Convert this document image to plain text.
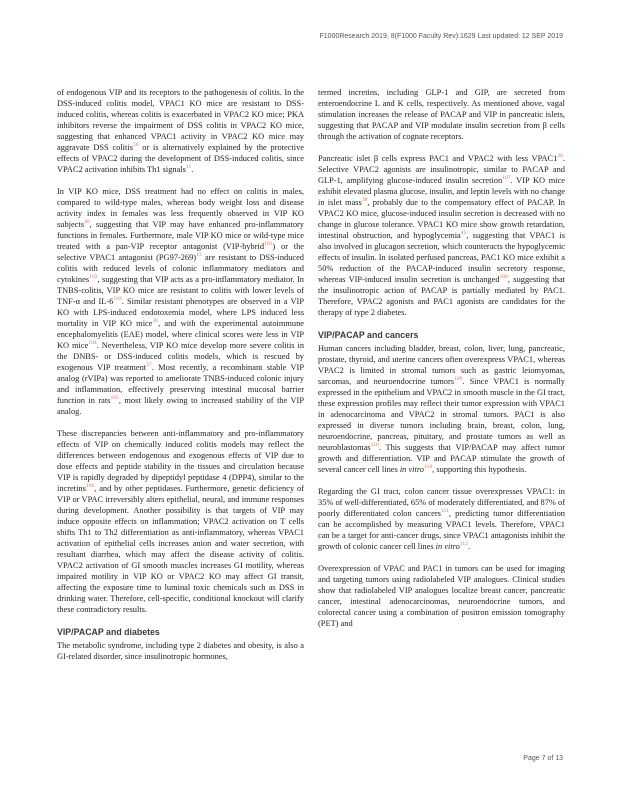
F1000Research 2019, 8(F1000 Faculty Rev):1629 Last updated: 12 SEP 2019

of endogenous VIP and its receptors to the pathogenesis of colitis. In the DSS-induced colitis model, VPAC1 KO mice are resistant to DSS-induced colitis, whereas colitis is exacerbated in VPAC2 KO mice; PKA inhibitors reverse the impairment of DSS colitis in VPAC2 KO mice, suggesting that enhanced VPAC1 activity in VPAC2 KO mice may aggravate DSS colitis$^{56}$ or is alternatively explained by the protective effects of VPAC2 during the development of DSS-induced colitis, since VPAC2 activation inhibits Th1 signals$^{11}$.

In VIP KO mice, DSS treatment had no effect on colitis in males, compared to wild-type males, whereas body weight loss and disease activity index in females was less frequently observed in VIP KO subjects$^{40}$, suggesting that VIP may have enhanced pro-inflammatory functions in females. Furthermore, male VIP KO mice or wild-type mice treated with a pan-VIP receptor antagonist (VIP-hybrid$^{101}$) or the selective VPAC1 antagonist (PG97-269)$^{13}$ are resistant to DSS-induced colitis with reduced levels of colonic inflammatory mediators and cytokines$^{102}$, suggesting that VIP acts as a pro-inflammatory mediator. In TNBS-colitis, VIP KO mice are resistant to colitis with lower levels of TNF-α and IL-6$^{103}$. Similar resistant phenotypes are observed in a VIP KO with LPS-induced endotoxemia model, where LPS induced less mortality in VIP KO mice$^{36}$, and with the experimental autoimmune encephalomyelitis (EAE) model, where clinical scores were less in VIP KO mice$^{104}$. Nevertheless, VIP KO mice develop more severe colitis in the DNBS- or DSS-induced colitis models, which is rescued by exogenous VIP treatment$^{37}$. Most recently, a recombinant stable VIP analog (rVIPa) was reported to ameliorate TNBS-induced colonic injury and inflammation, effectively preserving intestinal mucosal barrier function in rats$^{105}$, most likely owing to increased stability of the VIP analog.

These discrepancies between anti-inflammatory and pro-inflammatory effects of VIP on chemically induced colitis models may reflect the differences between endogenous and exogenous effects of VIP due to dose effects and peptide stability in the tissues and circulation because VIP is rapidly degraded by dipeptidyl peptidase 4 (DPP4), similar to the incretins$^{106}$, and by other peptidases. Furthermore, genetic deficiency of VIP or VPAC irreversibly alters epithelial, neural, and immune responses during development. Another possibility is that targets of VIP may induce opposite effects on inflammation; VPAC2 activation on T cells shifts Th1 to Th2 differentiation as anti-inflammatory, whereas VPAC1 activation of epithelial cells increases anion and water secretion, with resultant diarrhea, which may affect the disease activity of colitis. VPAC2 activation of GI smooth muscles increases GI motility, whereas impaired motility in VIP KO or VPAC2 KO may affect GI transit, affecting the exposure time to luminal toxic chemicals such as DSS in drinking water. Therefore, cell-specific, conditional knockout will clarify these contradictory results.

VIP/PACAP and diabetes

The metabolic syndrome, including type 2 diabetes and obesity, is also a GI-related disorder, since insulinotropic hormones,

termed incretins, including GLP-1 and GIP, are secreted from enteroendocrine L and K cells, respectively. As mentioned above, vagal stimulation increases the release of PACAP and VIP in pancreatic islets, suggesting that PACAP and VIP modulate insulin secretion from β cells through the activation of cognate receptors.

Pancreatic islet β cells express PAC1 and VPAC2 with less VPAC1$^{28}$. Selective VPAC2 agonists are insulinotropic, similar to PACAP and GLP-1, amplifying glucose-induced insulin secretion$^{107}$. VIP KO mice exhibit elevated plasma glucose, insulin, and leptin levels with no change in islet mass$^{38}$, probably due to the compensatory effect of PACAP. In VPAC2 KO mice, glucose-induced insulin secretion is decreased with no change in glucose tolerance. VPAC1 KO mice show growth retardation, intestinal obstruction, and hypoglycemia$^{45}$, suggesting that VPAC1 is also involved in glucagon secretion, which counteracts the hypoglycemic effects of insulin. In isolated perfused pancreas, PAC1 KO mice exhibit a 50% reduction of the PACAP-induced insulin secretory response, whereas VIP-induced insulin secretion is unchanged$^{108}$, suggesting that the insulinotropic action of PACAP is partially mediated by PAC1. Therefore, VPAC2 agonists and PAC1 agonists are candidates for the therapy of type 2 diabetes.

VIP/PACAP and cancers

Human cancers including bladder, breast, colon, liver, lung, pancreatic, prostate, thyroid, and uterine cancers often overexpress VPAC1, whereas VPAC2 is limited in stromal tumors such as gastric leiomyomas, sarcomas, and neuroendocrine tumors$^{109}$. Since VPAC1 is normally expressed in the epithelium and VPAC2 in smooth muscle in the GI tract, these expression profiles may reflect their tumor expression with VPAC1 in adenocarcinoma and VPAC2 in stromal tumors. PAC1 is also expressed in diverse tumors including brain, breast, colon, lung, neuroendocrine, pancreas, pituitary, and prostate tumors as well as neuroblastomas$^{110}$. This suggests that VIP/PACAP may affect tumor growth and differentiation. VIP and PACAP stimulate the growth of several cancer cell lines in vitro$^{110}$, supporting this hypothesis.

Regarding the GI tract, colon cancer tissue overexpresses VPAC1: in 35% of well-differentiated, 65% of moderately differentiated, and 87% of poorly differentiated colon cancers$^{111}$, predicting tumor differentiation can be accomplished by measuring VPAC1 levels. Therefore, VPAC1 can be a target for anti-cancer drugs, since VPAC1 antagonists inhibit the growth of colonic cancer cell lines in vitro$^{112}$.

Overexpression of VPAC and PAC1 in tumors can be used for imaging and targeting tumors using radiolabeled VIP analogues. Clinical studies show that radiolabeled VIP analogues localize breast cancer, pancreatic cancer, intestinal adenocarcinomas, neuroendocrine tumors, and colorectal cancer using a combination of positron emission tomography (PET) and

Page 7 of 13
